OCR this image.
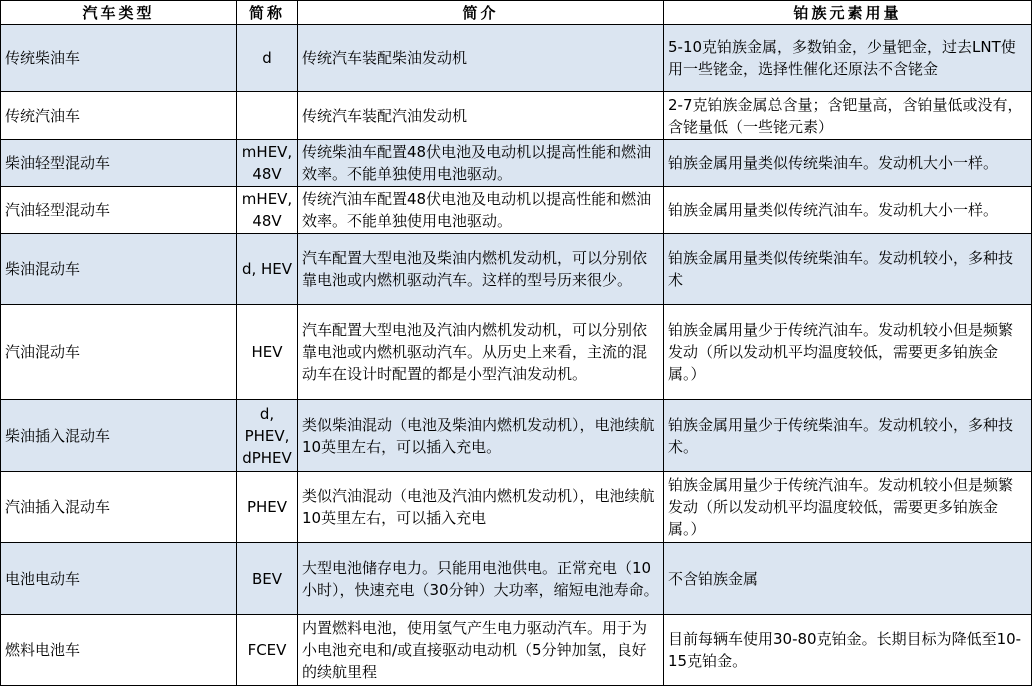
汽车类型	简称	简介	铂族元素用量
传统柴油车	d	传统汽车装配柴油发动机	5-10克铂族金属，多数铂金，少量钯金，过去LNT使用一些铑金，选择性催化还原法不含铑金
传统汽油车		传统汽车装配汽油发动机	2-7克铂族金属总含量；含钯量高，含铂量低或没有，含铑量低（一些铑元素）
柴油轻型混动车	mHEV, 48V	传统柴油车配置48伏电池及电动机以提高性能和燃油效率。不能单独使用电池驱动。	铂族金属用量类似传统柴油车。发动机大小一样。
汽油轻型混动车	mHEV, 48V	传统汽油车配置48伏电池及电动机以提高性能和燃油效率。不能单独使用电池驱动。	铂族金属用量类似传统汽油车。发动机大小一样。
柴油混动车	d, HEV	汽车配置大型电池及柴油内燃机发动机，可以分别依靠电池或内燃机驱动汽车。这样的型号历来很少。	铂族金属用量类似传统柴油车。发动机较小，多种技术
汽油混动车	HEV	汽车配置大型电池及汽油内燃机发动机，可以分别依靠电池或内燃机驱动汽车。从历史上来看，主流的混动车在设计时配置的都是小型汽油发动机。	铂族金属用量少于传统汽油车。发动机较小但是频繁发动（所以发动机平均温度较低，需要更多铂族金属。）
柴油插入混动车	d, PHEV, dPHEV	类似柴油混动（电池及柴油内燃机发动机），电池续航10英里左右，可以插入充电。	铂族金属用量少于传统柴油车。发动机较小，多种技术。
汽油插入混动车	PHEV	类似汽油混动（电池及汽油内燃机发动机），电池续航10英里左右，可以插入充电	铂族金属用量少于传统汽油车。发动机较小但是频繁发动（所以发动机平均温度较低，需要更多铂族金属。）
电池电动车	BEV	大型电池储存电力。只能用电池供电。正常充电（10小时），快速充电（30分钟）大功率，缩短电池寿命。	不含铂族金属
燃料电池车	FCEV	内置燃料电池，使用氢气产生电力驱动汽车。用于为小电池充电和/或直接驱动电动机（5分钟加氢，良好的续航里程	目前每辆车使用30-80克铂金。长期目标为降低至10-15克铂金。
